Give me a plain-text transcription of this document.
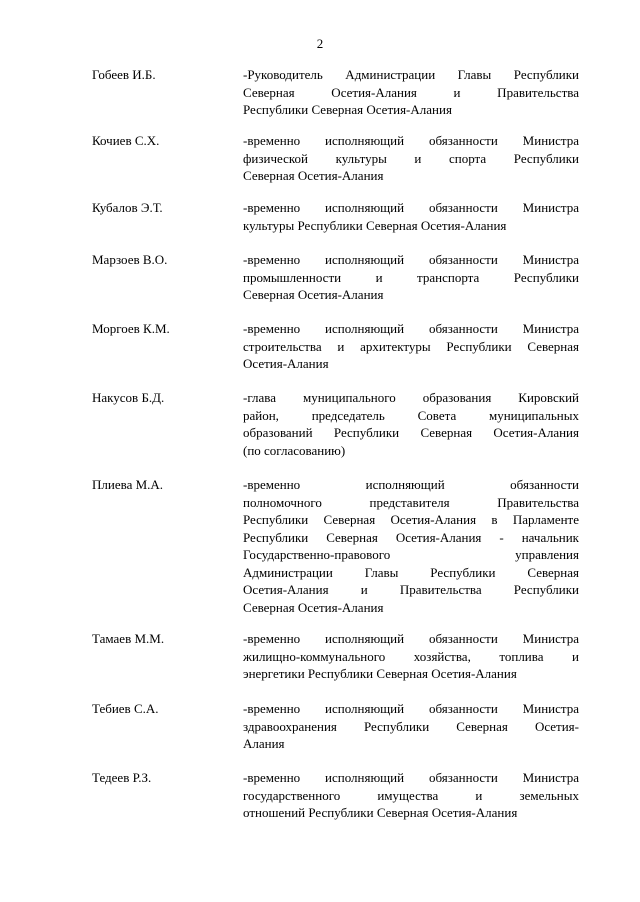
2
Гобеев И.Б.	-Руководитель Администрации Главы Республики
Северная Осетия-Алания и Правительства
Республики Северная Осетия-Алания
Кочиев С.Х.	-временно исполняющий обязанности Министра
физической культуры и спорта Республики
Северная Осетия-Алания
Кубалов Э.Т.	-временно исполняющий обязанности Министра
культуры Республики Северная Осетия-Алания
Марзоев В.О.	-временно исполняющий обязанности Министра
промышленности и транспорта Республики
Северная Осетия-Алания
Моргоев К.М.	-временно исполняющий обязанности Министра
строительства и архитектуры Республики Северная
Осетия-Алания
Накусов Б.Д.	-глава муниципального образования Кировский
район, председатель Совета муниципальных
образований Республики Северная Осетия-Алания
(по согласованию)
Плиева М.А.	-временно исполняющий обязанности
полномочного представителя Правительства
Республики Северная Осетия-Алания в Парламенте
Республики Северная Осетия-Алания - начальник
Государственно-правового управления
Администрации Главы Республики Северная
Осетия-Алания и Правительства Республики
Северная Осетия-Алания
Тамаев М.М.	-временно исполняющий обязанности Министра
жилищно-коммунального хозяйства, топлива и
энергетики Республики Северная Осетия-Алания
Тебиев С.А.	-временно исполняющий обязанности Министра
здравоохранения Республики Северная Осетия-
Алания
Тедеев Р.З.	-временно исполняющий обязанности Министра
государственного имущества и земельных
отношений Республики Северная Осетия-Алания
